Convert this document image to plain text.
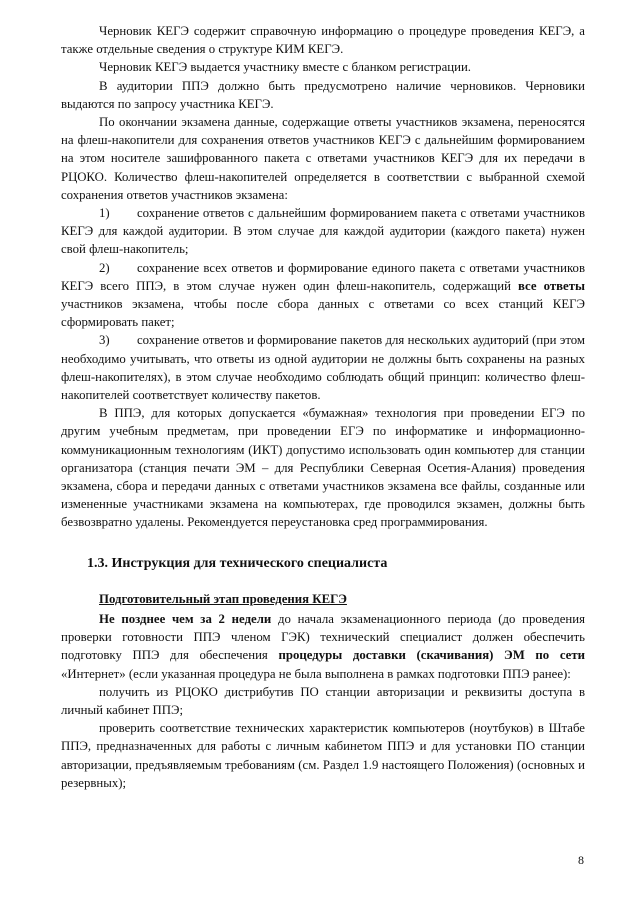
Черновик КЕГЭ содержит справочную информацию о процедуре проведения КЕГЭ, а также отдельные сведения о структуре КИМ КЕГЭ.

Черновик КЕГЭ выдается участнику вместе с бланком регистрации.

В аудитории ППЭ должно быть предусмотрено наличие черновиков. Черновики выдаются по запросу участника КЕГЭ.

По окончании экзамена данные, содержащие ответы участников экзамена, переносятся на флеш-накопители для сохранения ответов участников КЕГЭ с дальнейшим формированием на этом носителе зашифрованного пакета с ответами участников КЕГЭ для их передачи в РЦОКО. Количество флеш-накопителей определяется в соответствии с выбранной схемой сохранения ответов участников экзамена:

1) сохранение ответов с дальнейшим формированием пакета с ответами участников КЕГЭ для каждой аудитории. В этом случае для каждой аудитории (каждого пакета) нужен свой флеш-накопитель;

2) сохранение всех ответов и формирование единого пакета с ответами участников КЕГЭ всего ППЭ, в этом случае нужен один флеш-накопитель, содержащий все ответы участников экзамена, чтобы после сбора данных с ответами со всех станций КЕГЭ сформировать пакет;

3) сохранение ответов и формирование пакетов для нескольких аудиторий (при этом необходимо учитывать, что ответы из одной аудитории не должны быть сохранены на разных флеш-накопителях), в этом случае необходимо соблюдать общий принцип: количество флеш-накопителей соответствует количеству пакетов.

В ППЭ, для которых допускается «бумажная» технология при проведении ЕГЭ по другим учебным предметам, при проведении ЕГЭ по информатике и информационно-коммуникационным технологиям (ИКТ) допустимо использовать один компьютер для станции организатора (станция печати ЭМ – для Республики Северная Осетия-Алания) проведения экзамена, сбора и передачи данных с ответами участников экзамена все файлы, созданные или измененные участниками экзамена на компьютерах, где проводился экзамен, должны быть безвозвратно удалены. Рекомендуется переустановка сред программирования.

1.3. Инструкция для технического специалиста

Подготовительный этап проведения КЕГЭ

Не позднее чем за 2 недели до начала экзаменационного периода (до проведения проверки готовности ППЭ членом ГЭК) технический специалист должен обеспечить подготовку ППЭ для обеспечения процедуры доставки (скачивания) ЭМ по сети «Интернет» (если указанная процедура не была выполнена в рамках подготовки ППЭ ранее):

получить из РЦОКО дистрибутив ПО станции авторизации и реквизиты доступа в личный кабинет ППЭ;

проверить соответствие технических характеристик компьютеров (ноутбуков) в Штабе ППЭ, предназначенных для работы с личным кабинетом ППЭ и для установки ПО станции авторизации, предъявляемым требованиям (см. Раздел 1.9 настоящего Положения) (основных и резервных);

8
